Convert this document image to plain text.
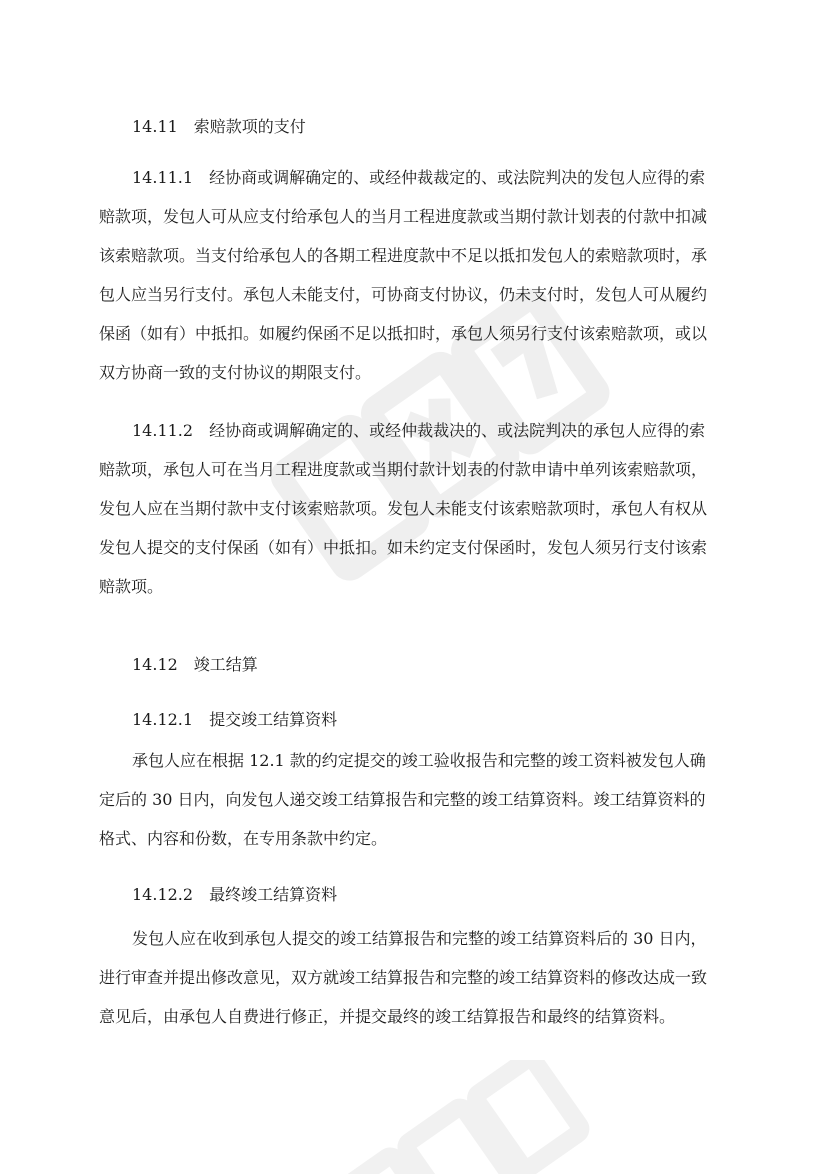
14.11　索赔款项的支付
14.11.1　经协商或调解确定的、或经仲裁裁定的、或法院判决的发包人应得的索
赔款项，发包人可从应支付给承包人的当月工程进度款或当期付款计划表的付款中扣减
该索赔款项。当支付给承包人的各期工程进度款中不足以抵扣发包人的索赔款项时，承
包人应当另行支付。承包人未能支付，可协商支付协议，仍未支付时，发包人可从履约
保函（如有）中抵扣。如履约保函不足以抵扣时，承包人须另行支付该索赔款项，或以
双方协商一致的支付协议的期限支付。
14.11.2　经协商或调解确定的、或经仲裁裁决的、或法院判决的承包人应得的索
赔款项，承包人可在当月工程进度款或当期付款计划表的付款申请中单列该索赔款项，
发包人应在当期付款中支付该索赔款项。发包人未能支付该索赔款项时，承包人有权从
发包人提交的支付保函（如有）中抵扣。如未约定支付保函时，发包人须另行支付该索
赔款项。
14.12　竣工结算
14.12.1　提交竣工结算资料
承包人应在根据 12.1 款的约定提交的竣工验收报告和完整的竣工资料被发包人确
定后的 30 日内，向发包人递交竣工结算报告和完整的竣工结算资料。竣工结算资料的
格式、内容和份数，在专用条款中约定。
14.12.2　最终竣工结算资料
发包人应在收到承包人提交的竣工结算报告和完整的竣工结算资料后的 30 日内，
进行审查并提出修改意见，双方就竣工结算报告和完整的竣工结算资料的修改达成一致
意见后，由承包人自费进行修正，并提交最终的竣工结算报告和最终的结算资料。
